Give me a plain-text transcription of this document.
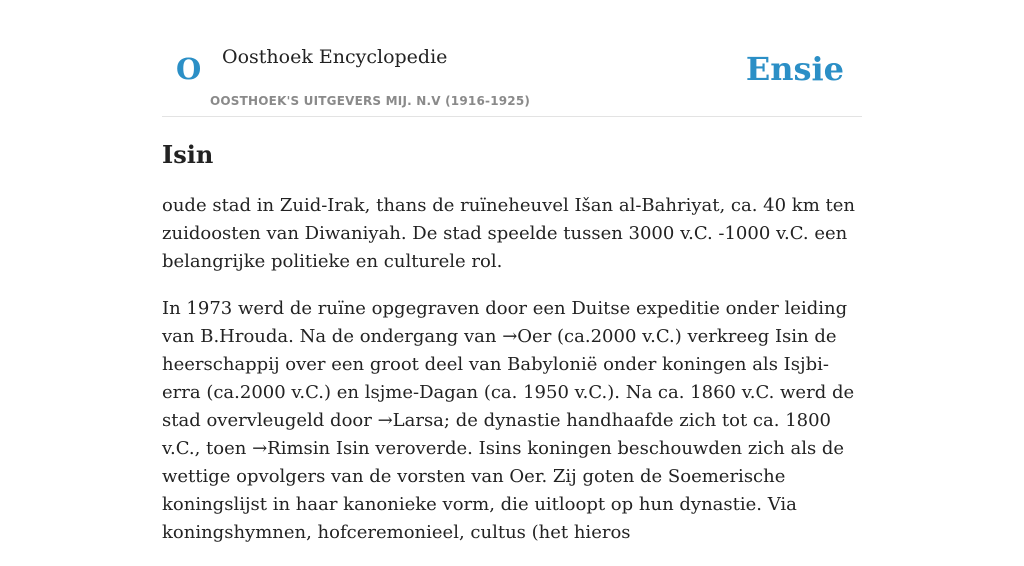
O Oosthoek Encyclopedie
OOSTHOEK'S UITGEVERS MIJ. N.V (1916-1925)
Ensie
Isin

oude stad in Zuid-Irak, thans de ruïneheuvel Išan al-Bahriyat, ca. 40 km ten zuidoosten van Diwaniyah. De stad speelde tussen 3000 v.C. -1000 v.C. een belangrijke politieke en culturele rol.

In 1973 werd de ruïne opgegraven door een Duitse expeditie onder leiding van B.Hrouda. Na de ondergang van →Oer (ca.2000 v.C.) verkreeg Isin de heerschappij over een groot deel van Babylonië onder koningen als Isjbi-erra (ca.2000 v.C.) en lsjme-Dagan (ca. 1950 v.C.). Na ca. 1860 v.C. werd de stad overvleugeld door →Larsa; de dynastie handhaafde zich tot ca. 1800 v.C., toen →Rimsin Isin veroverde. Isins koningen beschouwden zich als de wettige opvolgers van de vorsten van Oer. Zij goten de Soemerische koningslijst in haar kanonieke vorm, die uitloopt op hun dynastie. Via koningshymnen, hofceremonieel, cultus (het hieros
